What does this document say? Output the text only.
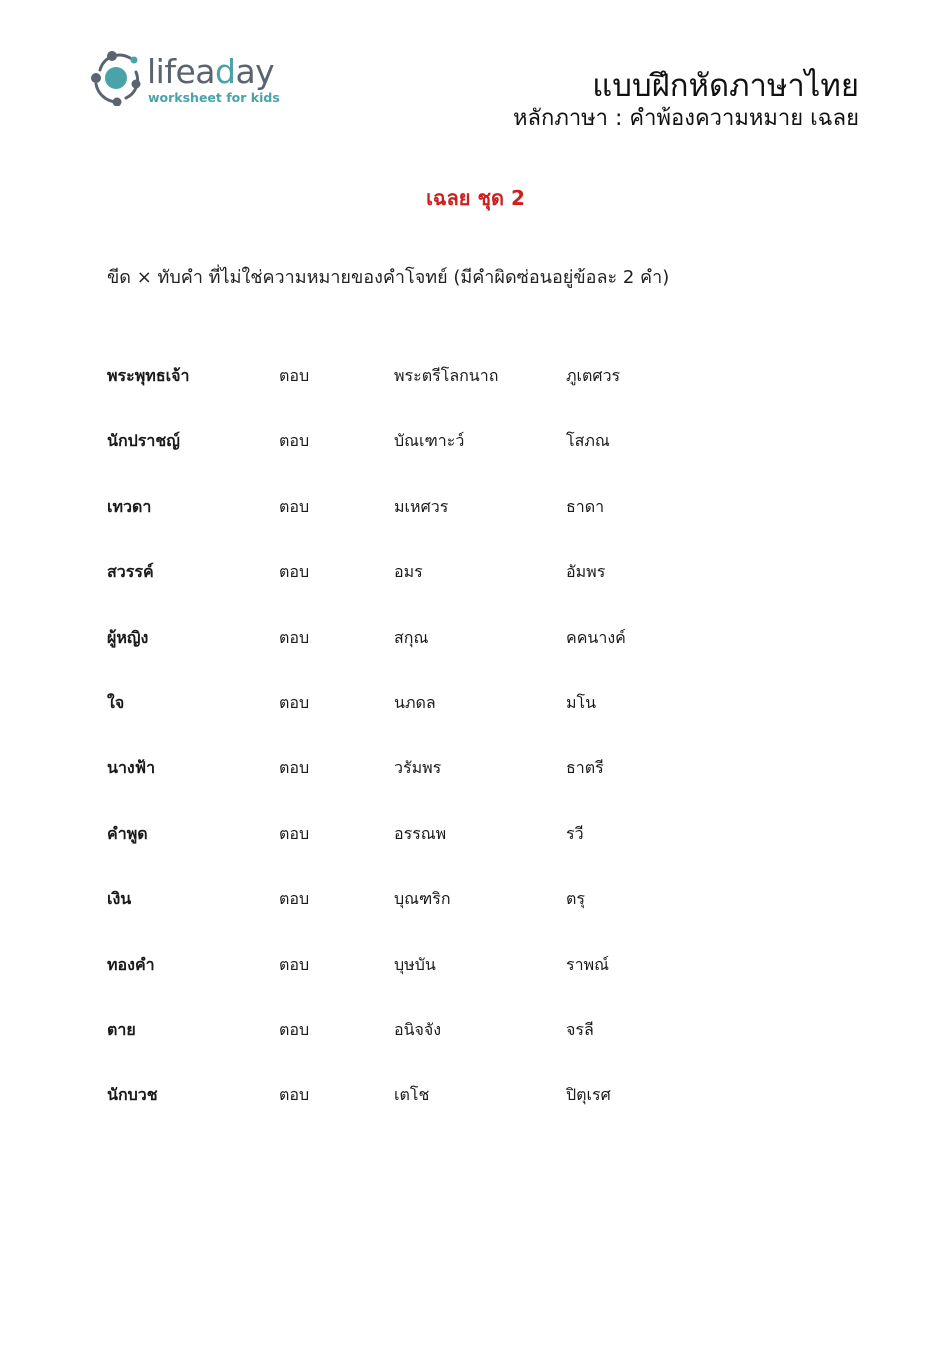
lifeaday
worksheet for kids	แบบฝึกหัดภาษาไทย
หลักภาษา : คำพ้องความหมาย เฉลย
เฉลย ชุด 2
ขีด × ทับคำ ที่ไม่ใช่ความหมายของคำโจทย์ (มีคำผิดซ่อนอยู่ข้อละ 2 คำ)
พระพุทธเจ้า	ตอบ	พระตรีโลกนาถ	ภูเตศวร
นักปราชญ์	ตอบ	บัณเฑาะว์	โสภณ
เทวดา	ตอบ	มเหศวร	ธาดา
สวรรค์	ตอบ	อมร	อัมพร
ผู้หญิง	ตอบ	สกุณ	คคนางค์
ใจ	ตอบ	นภดล	มโน
นางฟ้า	ตอบ	วรัมพร	ธาตรี
คำพูด	ตอบ	อรรณพ	รวี
เงิน	ตอบ	บุณฑริก	ตรุ
ทองคำ	ตอบ	บุษบัน	ราพณ์
ตาย	ตอบ	อนิจจัง	จรลี
นักบวช	ตอบ	เตโช	ปิตุเรศ
